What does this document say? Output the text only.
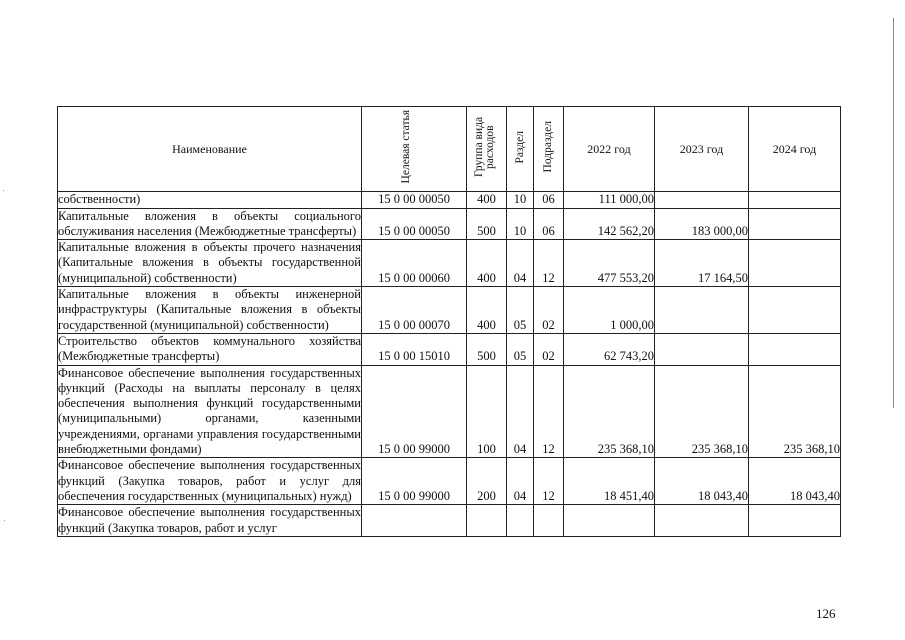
Наименование	Целевая статья	Группа вида расходов	Раздел	Подраздел	2022 год	2023 год	2024 год
собственности)	15 0 00 00050	400	10	06	111 000,00		
Капитальные вложения в объекты социального обслуживания населения (Межбюджетные трансферты)	15 0 00 00050	500	10	06	142 562,20	183 000,00	
Капитальные вложения в объекты прочего назначения (Капитальные вложения в объекты государственной (муниципальной) собственности)	15 0 00 00060	400	04	12	477 553,20	17 164,50	
Капитальные вложения в объекты инженерной инфраструктуры (Капитальные вложения в объекты государственной (муниципальной) собственности)	15 0 00 00070	400	05	02	1 000,00		
Строительство объектов коммунального хозяйства (Межбюджетные трансферты)	15 0 00 15010	500	05	02	62 743,20		
Финансовое обеспечение выполнения государственных функций (Расходы на выплаты персоналу в целях обеспечения выполнения функций государственными (муниципальными) органами, казенными учреждениями, органами управления государственными внебюджетными фондами)	15 0 00 99000	100	04	12	235 368,10	235 368,10	235 368,10
Финансовое обеспечение выполнения государственных функций (Закупка товаров, работ и услуг для обеспечения государственных (муниципальных) нужд)	15 0 00 99000	200	04	12	18 451,40	18 043,40	18 043,40
Финансовое обеспечение выполнения государственных функций (Закупка товаров, работ и услуг							
126
